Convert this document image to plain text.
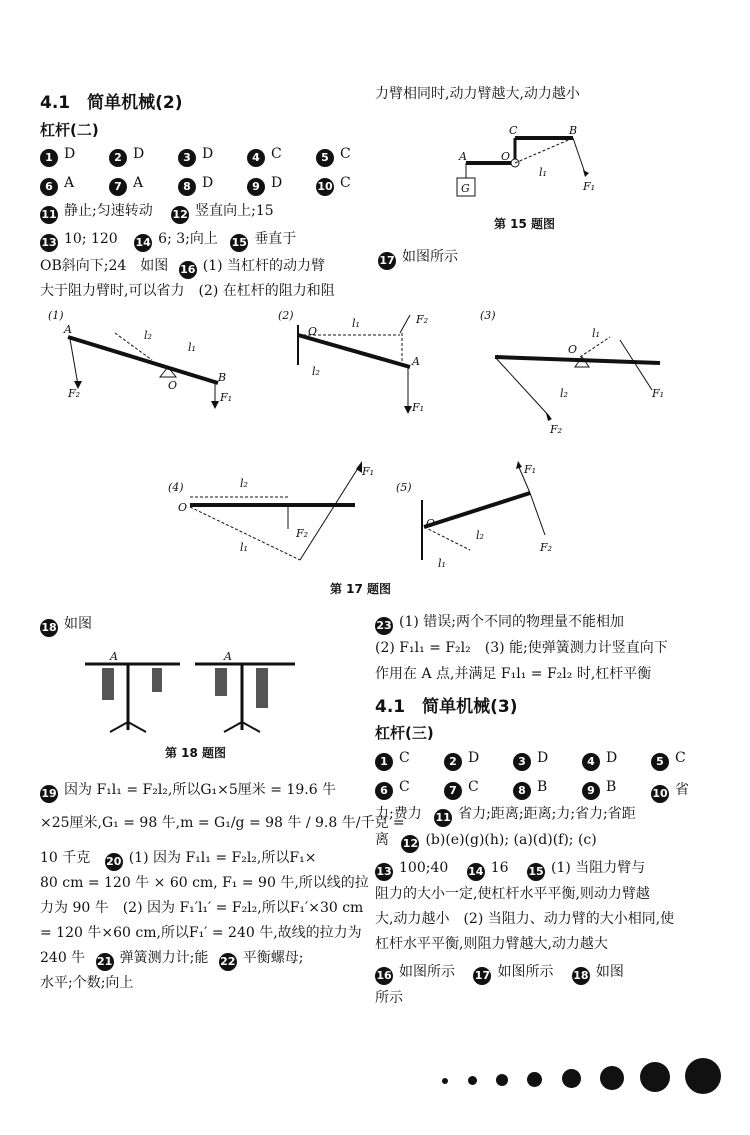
4.1　简单机械(2)
杠杆(二)
1 D	2 D	3 D	4 C	5 C
6 A	7 A	8 D	9 D	10 C
11 静止;匀速转动 12 竖直向上;15
13 10; 120 14 6; 3;向上 15 垂直于
OB斜向下;24　如图 16 (1) 当杠杆的动力臂
大于阻力臂时,可以省力　(2) 在杠杆的阻力和阻
力臂相同时,动力臂越大,动力越小
G
A	O
C	B
l₁
F₁
第 15 题图
17 如图所示
(1)
A
O
B
l₂
l₁
F₂	F₁
(2)
O
l₁	F₂
A
l₂
F₁
(3)
O
l₁
l₂	F₁
F₂
(4)
O
l₂
l₁
F₁
F₂
(5)
O
F₁
l₂
l₁
F₂
第 17 题图
18 如图
A	A
第 18 题图
19 因为 F₁l₁ = F₂l₂,所以G₁×5厘米 = 19.6 牛
×25厘米,G₁ = 98 牛,m = G₁/g = 98 牛 / 9.8 牛/千克 =
10 千克 20 (1) 因为 F₁l₁ = F₂l₂,所以F₁×
80 cm = 120 牛 × 60 cm, F₁ = 90 牛,所以线的拉
力为 90 牛　(2) 因为 F₁′l₁′ = F₂l₂,所以F₁′×30 cm
= 120 牛×60 cm,所以F₁′ = 240 牛,故线的拉力为
240 牛 21 弹簧测力计;能 22 平衡螺母;
水平;个数;向上
23 (1) 错误;两个不同的物理量不能相加
(2) F₁l₁ = F₂l₂　(3) 能;使弹簧测力计竖直向下
作用在 A 点,并满足 F₁l₁ = F₂l₂ 时,杠杆平衡
4.1　简单机械(3)
杠杆(三)
1 C	2 D	3 D	4 D	5 C
6 C	7 C	8 B	9 B	10 省
力;费力 11 省力;距离;距离;力;省力;省距
离 12 (b)(e)(g)(h); (a)(d)(f); (c)
13 100;40 14 16 15 (1) 当阻力臂与
阻力的大小一定,使杠杆水平平衡,则动力臂越
大,动力越小　(2) 当阻力、动力臂的大小相同,使
杠杆水平平衡,则阻力臂越大,动力越大
16 如图所示 17 如图所示 18 如图
所示
